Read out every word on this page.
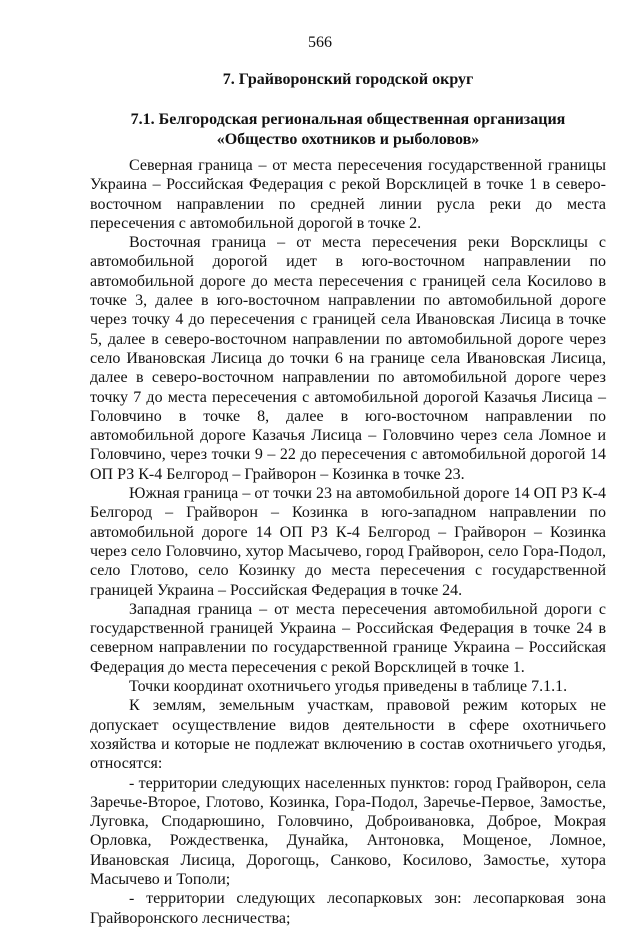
566

7. Грайворонский городской округ

7.1. Белгородская региональная общественная организация

«Общество охотников и рыболовов»

Северная граница – от места пересечения государственной границы Украина – Российская Федерация с рекой Ворсклицей в точке 1 в северо-восточном направлении по средней линии русла реки до места пересечения с автомобильной дорогой в точке 2.

Восточная граница – от места пересечения реки Ворсклицы с автомобильной дорогой идет в юго-восточном направлении по автомобильной дороге до места пересечения с границей села Косилово в точке 3, далее в юго-восточном направлении по автомобильной дороге через точку 4 до пересечения с границей села Ивановская Лисица в точке 5, далее в северо-восточном направлении по автомобильной дороге через село Ивановская Лисица до точки 6 на границе села Ивановская Лисица, далее в северо-восточном направлении по автомобильной дороге через точку 7 до места пересечения с автомобильной дорогой Казачья Лисица – Головчино в точке 8, далее в юго-восточном направлении по автомобильной дороге Казачья Лисица – Головчино через села Ломное и Головчино, через точки 9 – 22 до пересечения с автомобильной дорогой 14 ОП РЗ К-4 Белгород – Грайворон – Козинка в точке 23.

Южная граница – от точки 23 на автомобильной дороге 14 ОП РЗ К-4 Белгород – Грайворон – Козинка в юго-западном направлении по автомобильной дороге 14 ОП РЗ К-4 Белгород – Грайворон – Козинка через село Головчино, хутор Масычево, город Грайворон, село Гора-Подол, село Глотово, село Козинку до места пересечения с государственной границей Украина – Российская Федерация в точке 24.

Западная граница – от места пересечения автомобильной дороги с государственной границей Украина – Российская Федерация в точке 24 в северном направлении по государственной границе Украина – Российская Федерация до места пересечения с рекой Ворсклицей в точке 1.

Точки координат охотничьего угодья приведены в таблице 7.1.1.

К землям, земельным участкам, правовой режим которых не допускает осуществление видов деятельности в сфере охотничьего хозяйства и которые не подлежат включению в состав охотничьего угодья, относятся:

- территории следующих населенных пунктов: город Грайворон, села Заречье-Второе, Глотово, Козинка, Гора-Подол, Заречье-Первое, Замостье, Луговка, Сподарюшино, Головчино, Доброивановка, Доброе, Мокрая Орловка, Рождественка, Дунайка, Антоновка, Мощеное, Ломное, Ивановская Лисица, Дорогощь, Санково, Косилово, Замостье, хутора Масычево и Тополи;

- территории следующих лесопарковых зон: лесопарковая зона Грайворонского лесничества;
